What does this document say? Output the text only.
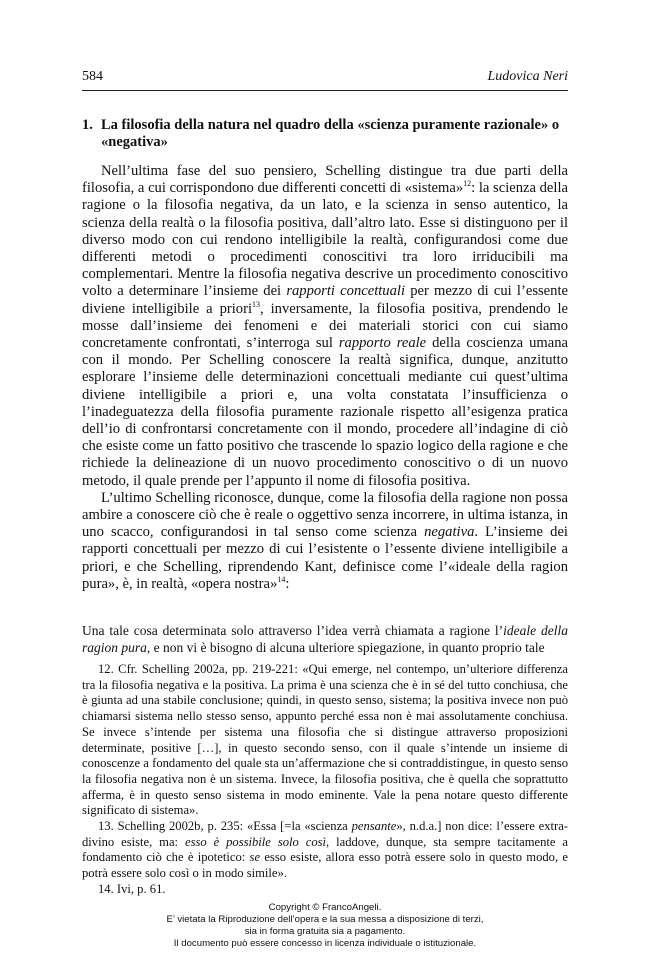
584	Ludovica Neri
1. La filosofia della natura nel quadro della «scienza puramente razionale» o «negativa»

Nell’ultima fase del suo pensiero, Schelling distingue tra due parti della filosofia, a cui corrispondono due differenti concetti di «sistema»$^{12}$: la scienza della ragione o la filosofia negativa, da un lato, e la scienza in senso autentico, la scienza della realtà o la filosofia positiva, dall’altro lato. Esse si distinguono per il diverso modo con cui rendono intelligibile la realtà, configurandosi come due differenti metodi o procedimenti conoscitivi tra loro irriducibili ma complementari. Mentre la filosofia negativa descrive un procedimento conoscitivo volto a determinare l’insieme dei rapporti concettuali per mezzo di cui l’essente diviene intelligibile a priori$^{13}$, inversamente, la filosofia positiva, prendendo le mosse dall’insieme dei fenomeni e dei materiali storici con cui siamo concretamente confrontati, s’interroga sul rapporto reale della coscienza umana con il mondo. Per Schelling conoscere la realtà significa, dunque, anzitutto esplorare l’insieme delle determinazioni concettuali mediante cui quest’ultima diviene intelligibile a priori e, una volta constatata l’insufficienza o l’inadeguatezza della filosofia puramente razionale rispetto all’esigenza pratica dell’io di confrontarsi concretamente con il mondo, procedere all’indagine di ciò che esiste come un fatto positivo che trascende lo spazio logico della ragione e che richiede la delineazione di un nuovo procedimento conoscitivo o di un nuovo metodo, il quale prende per l’appunto il nome di filosofia positiva.

L’ultimo Schelling riconosce, dunque, come la filosofia della ragione non possa ambire a conoscere ciò che è reale o oggettivo senza incorrere, in ultima istanza, in uno scacco, configurandosi in tal senso come scienza negativa. L’insieme dei rapporti concettuali per mezzo di cui l’esistente o l’essente diviene intelligibile a priori, e che Schelling, riprendendo Kant, definisce come l’«ideale della ragion pura», è, in realtà, «opera nostra»$^{14}$:

Una tale cosa determinata solo attraverso l’idea verrà chiamata a ragione l’ideale della ragion pura, e non vi è bisogno di alcuna ulteriore spiegazione, in quanto proprio tale

12. Cfr. Schelling 2002a, pp. 219-221: «Qui emerge, nel contempo, un’ulteriore differenza tra la filosofia negativa e la positiva. La prima è una scienza che è in sé del tutto conchiusa, che è giunta ad una stabile conclusione; quindi, in questo senso, sistema; la positiva invece non può chiamarsi sistema nello stesso senso, appunto perché essa non è mai assolutamente conchiusa. Se invece s’intende per sistema una filosofia che si distingue attraverso proposizioni determinate, positive […], in questo secondo senso, con il quale s’intende un insieme di conoscenze a fondamento del quale sta un’affermazione che si contraddistingue, in questo senso la filosofia negativa non è un sistema. Invece, la filosofia positiva, che è quella che soprattutto afferma, è in questo senso sistema in modo eminente. Vale la pena notare questo differente significato di sistema».

13. Schelling 2002b, p. 235: «Essa [=la «scienza pensante», n.d.a.] non dice: l’essere extra-divino esiste, ma: esso è possibile solo così, laddove, dunque, sta sempre tacitamente a fondamento ciò che è ipotetico: se esso esiste, allora esso potrà essere solo in questo modo, e potrà essere solo così o in modo simile».

14. Ivi, p. 61.

Copyright © FrancoAngeli.
E’ vietata la Riproduzione dell’opera e la sua messa a disposizione di terzi,
sia in forma gratuita sia a pagamento.
Il documento può essere concesso in licenza individuale o istituzionale.
